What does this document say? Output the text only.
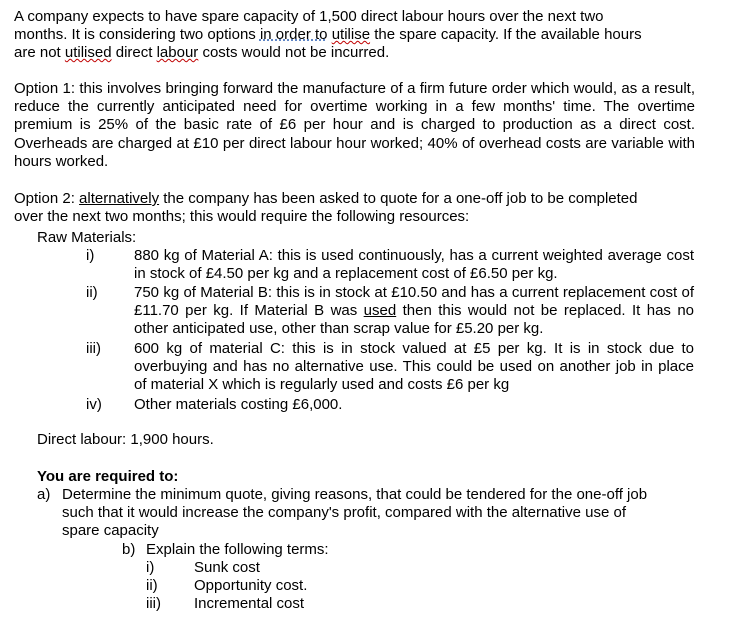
A company expects to have spare capacity of 1,500 direct labour hours over the next two
months. It is considering two options in order to utilise the spare capacity. If the available hours
are not utilised direct labour costs would not be incurred.
Option 1: this involves bringing forward the manufacture of a firm future order which would, as a result, reduce the currently anticipated need for overtime working in a few months' time. The overtime premium is 25% of the basic rate of £6 per hour and is charged to production as a direct cost. Overheads are charged at £10 per direct labour hour worked; 40% of overhead costs are variable with hours worked.
Option 2: alternatively the company has been asked to quote for a one-off job to be completed
over the next two months; this would require the following resources:
Raw Materials:
i)	880 kg of Material A: this is used continuously, has a current weighted average cost in stock of £4.50 per kg and a replacement cost of £6.50 per kg.
ii)	750 kg of Material B: this is in stock at £10.50 and has a current replacement cost of £11.70 per kg. If Material B was used then this would not be replaced. It has no other anticipated use, other than scrap value for £5.20 per kg.
iii)	600 kg of material C: this is in stock valued at £5 per kg. It is in stock due to overbuying and has no alternative use. This could be used on another job in place of material X which is regularly used and costs £6 per kg
iv)	Other materials costing £6,000.
Direct labour: 1,900 hours.
You are required to:
a) Determine the minimum quote, giving reasons, that could be tendered for the one-off job
such that it would increase the company's profit, compared with the alternative use of
spare capacity
b) Explain the following terms:
i)	Sunk cost
ii) Opportunity cost.
iii) Incremental cost
